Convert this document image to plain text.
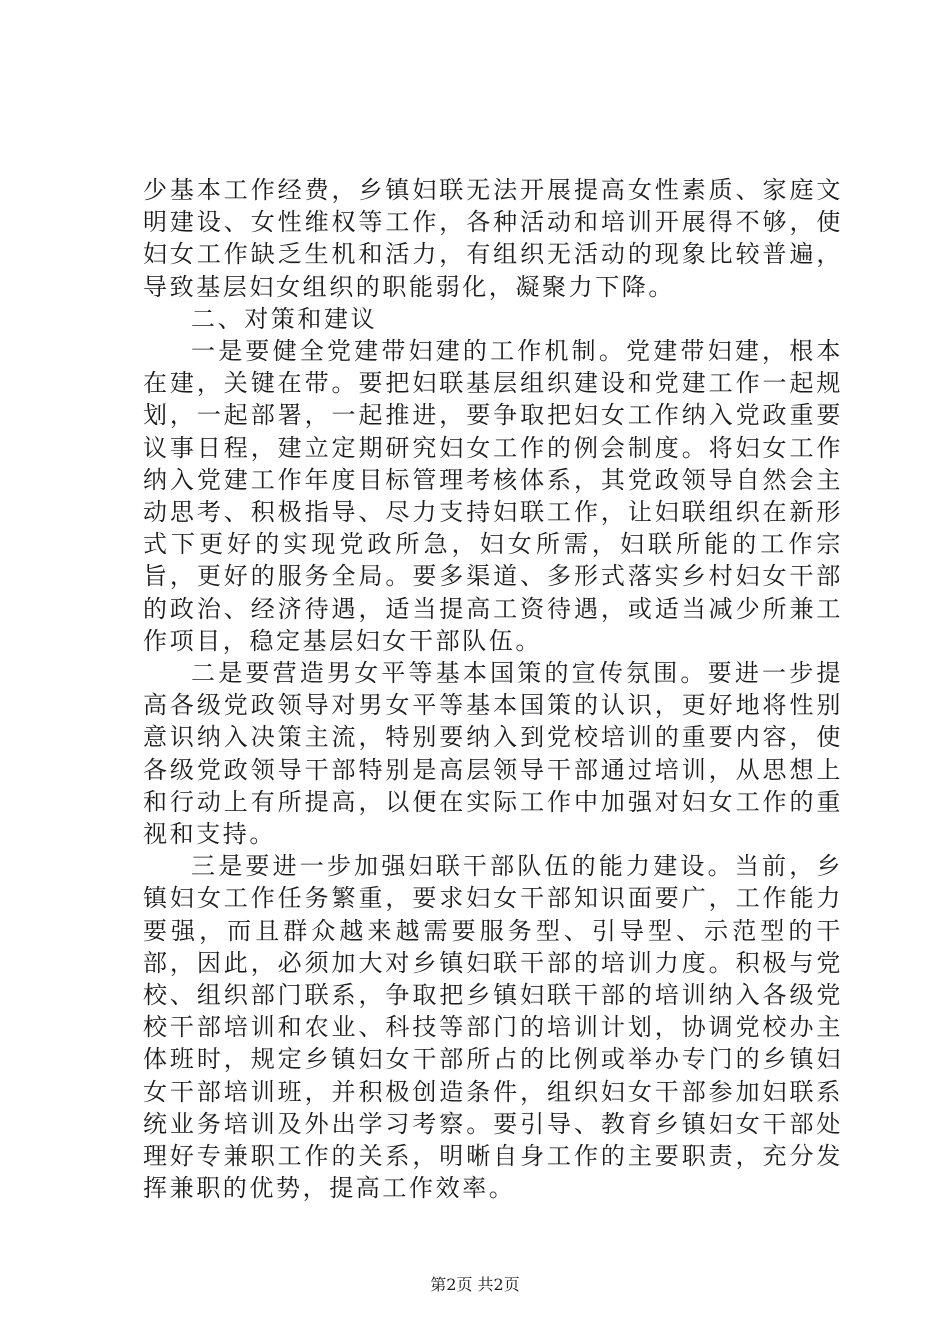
少基本工作经费，乡镇妇联无法开展提高女性素质、家庭文明建设、女性维权等工作，各种活动和培训开展得不够，使妇女工作缺乏生机和活力，有组织无活动的现象比较普遍，导致基层妇女组织的职能弱化，凝聚力下降。

二、对策和建议

一是要健全党建带妇建的工作机制。党建带妇建，根本在建，关键在带。要把妇联基层组织建设和党建工作一起规划，一起部署，一起推进，要争取把妇女工作纳入党政重要议事日程，建立定期研究妇女工作的例会制度。将妇女工作纳入党建工作年度目标管理考核体系，其党政领导自然会主动思考、积极指导、尽力支持妇联工作，让妇联组织在新形式下更好的实现党政所急，妇女所需，妇联所能的工作宗旨，更好的服务全局。要多渠道、多形式落实乡村妇女干部的政治、经济待遇，适当提高工资待遇，或适当减少所兼工作项目，稳定基层妇女干部队伍。

二是要营造男女平等基本国策的宣传氛围。要进一步提高各级党政领导对男女平等基本国策的认识，更好地将性别意识纳入决策主流，特别要纳入到党校培训的重要内容，使各级党政领导干部特别是高层领导干部通过培训，从思想上和行动上有所提高，以便在实际工作中加强对妇女工作的重视和支持。

三是要进一步加强妇联干部队伍的能力建设。当前，乡镇妇女工作任务繁重，要求妇女干部知识面要广，工作能力要强，而且群众越来越需要服务型、引导型、示范型的干部，因此，必须加大对乡镇妇联干部的培训力度。积极与党校、组织部门联系，争取把乡镇妇联干部的培训纳入各级党校干部培训和农业、科技等部门的培训计划，协调党校办主体班时，规定乡镇妇女干部所占的比例或举办专门的乡镇妇女干部培训班，并积极创造条件，组织妇女干部参加妇联系统业务培训及外出学习考察。要引导、教育乡镇妇女干部处理好专兼职工作的关系，明晰自身工作的主要职责，充分发挥兼职的优势，提高工作效率。

第2页 共2页
